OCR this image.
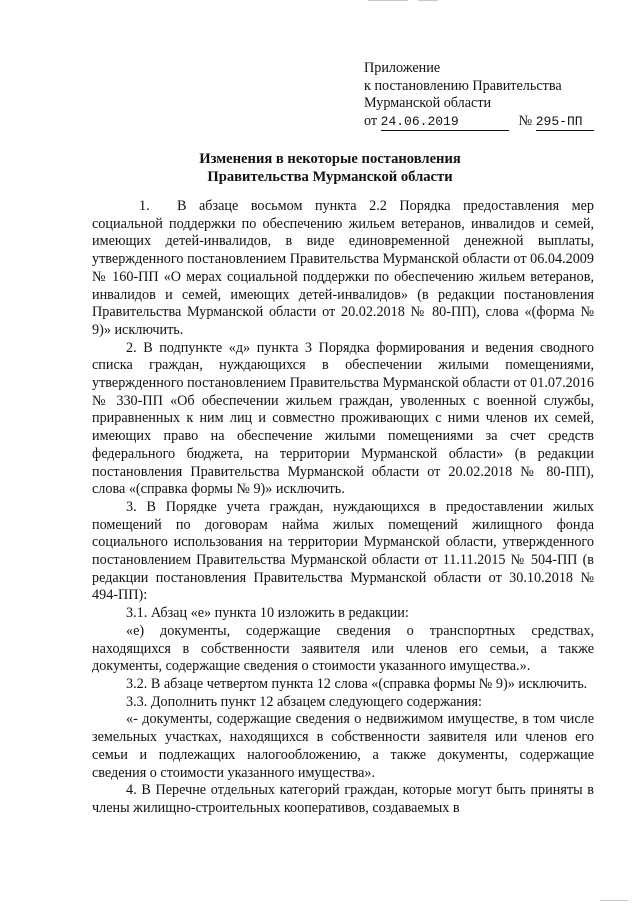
Приложение
к постановлению Правительства
Мурманской области
от 24.06.2019	№ 295-ПП
Изменения в некоторые постановления
Правительства Мурманской области

1. В абзаце восьмом пункта 2.2 Порядка предоставления мер социальной поддержки по обеспечению жильем ветеранов, инвалидов и семей, имеющих детей-инвалидов, в виде единовременной денежной выплаты, утвержденного постановлением Правительства Мурманской области от 06.04.2009 № 160-ПП «О мерах социальной поддержки по обеспечению жильем ветеранов, инвалидов и семей, имеющих детей-инвалидов» (в редакции постановления Правительства Мурманской области от 20.02.2018 № 80-ПП), слова «(форма № 9)» исключить.

2. В подпункте «д» пункта 3 Порядка формирования и ведения сводного списка граждан, нуждающихся в обеспечении жилыми помещениями, утвержденного постановлением Правительства Мурманской области от 01.07.2016 № 330-ПП «Об обеспечении жильем граждан, уволенных с военной службы, приравненных к ним лиц и совместно проживающих с ними членов их семей, имеющих право на обеспечение жилыми помещениями за счет средств федерального бюджета, на территории Мурманской области» (в редакции постановления Правительства Мурманской области от 20.02.2018 № 80-ПП), слова «(справка формы № 9)» исключить.

3. В Порядке учета граждан, нуждающихся в предоставлении жилых помещений по договорам найма жилых помещений жилищного фонда социального использования на территории Мурманской области, утвержденного постановлением Правительства Мурманской области от 11.11.2015 № 504-ПП (в редакции постановления Правительства Мурманской области от 30.10.2018 № 494-ПП):

3.1. Абзац «е» пункта 10 изложить в редакции:

«е) документы, содержащие сведения о транспортных средствах, находящихся в собственности заявителя или членов его семьи, а также документы, содержащие сведения о стоимости указанного имущества.».

3.2. В абзаце четвертом пункта 12 слова «(справка формы № 9)» исключить.

3.3. Дополнить пункт 12 абзацем следующего содержания:

«- документы, содержащие сведения о недвижимом имуществе, в том числе земельных участках, находящихся в собственности заявителя или членов его семьи и подлежащих налогообложению, а также документы, содержащие сведения о стоимости указанного имущества».

4. В Перечне отдельных категорий граждан, которые могут быть приняты в члены жилищно-строительных кооперативов, создаваемых в
